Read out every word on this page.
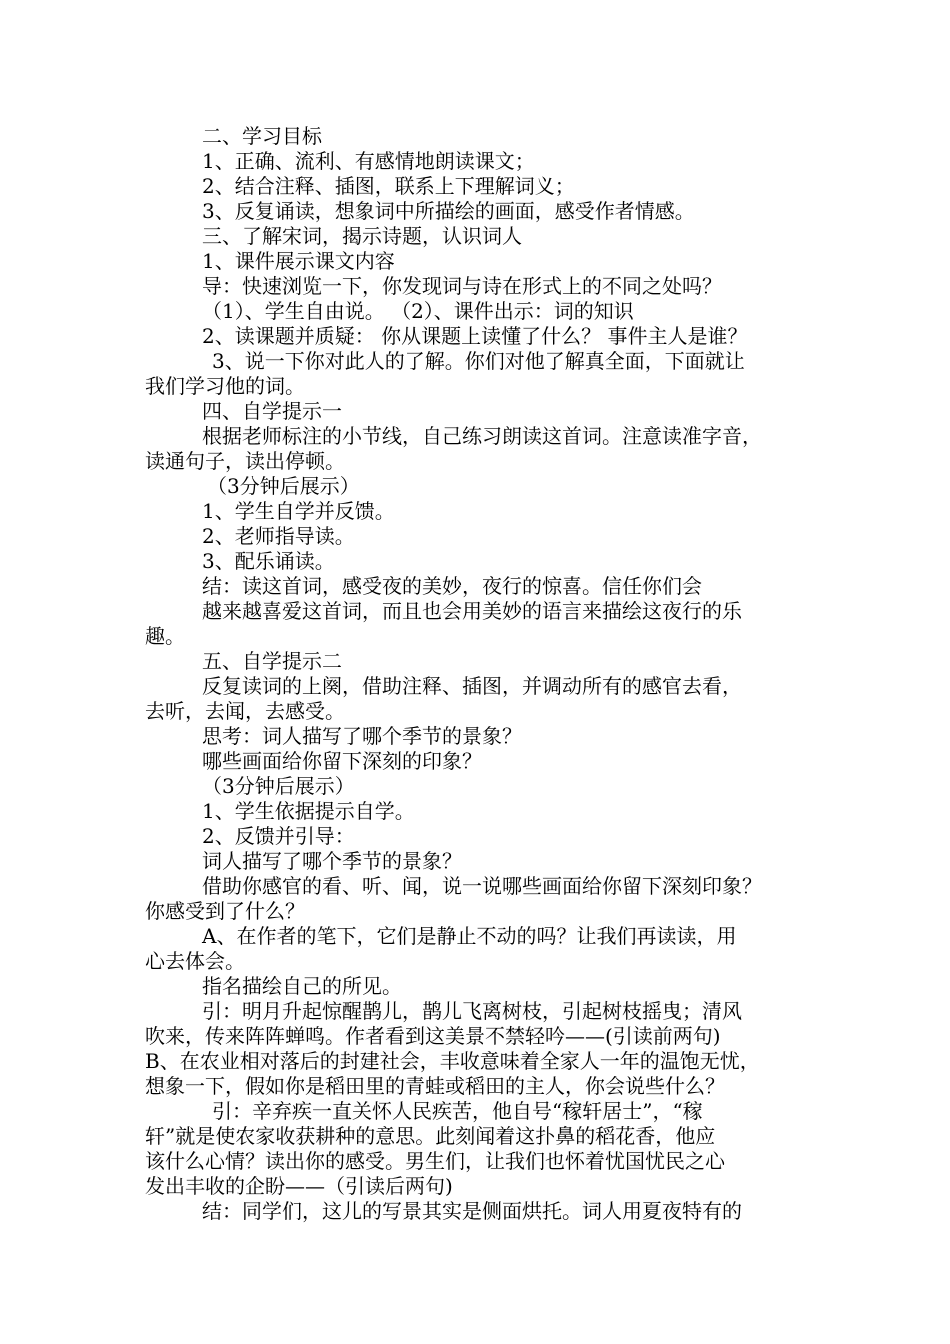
二、学习目标
1、正确、流利、有感情地朗读课文；
2、结合注释、插图，联系上下理解词义；
3、反复诵读，想象词中所描绘的画面，感受作者情感。
三、了解宋词，揭示诗题，认识词人
1、课件展示课文内容
导：快速浏览一下，你发现词与诗在形式上的不同之处吗？
（1）、学生自由说。 （2）、课件出示：词的知识
2、读课题并质疑： 你从课题上读懂了什么？ 事件主人是谁？
3、说一下你对此人的了解。你们对他了解真全面，下面就让
我们学习他的词。
四、自学提示一
根据老师标注的小节线，自己练习朗读这首词。注意读准字音，
读通句子，读出停顿。
（3分钟后展示）
1、学生自学并反馈。
2、老师指导读。
3、配乐诵读。
结：读这首词，感受夜的美妙，夜行的惊喜。信任你们会
越来越喜爱这首词，而且也会用美妙的语言来描绘这夜行的乐
趣。
五、自学提示二
反复读词的上阕，借助注释、插图，并调动所有的感官去看，
去听，去闻，去感受。
思考：词人描写了哪个季节的景象？
哪些画面给你留下深刻的印象？
（3分钟后展示）
1、学生依据提示自学。
2、反馈并引导：
词人描写了哪个季节的景象？
借助你感官的看、听、闻，说一说哪些画面给你留下深刻印象？
你感受到了什么？
A、在作者的笔下，它们是静止不动的吗？让我们再读读，用
心去体会。
指名描绘自己的所见。
引：明月升起惊醒鹊儿，鹊儿飞离树枝，引起树枝摇曳；清风
吹来，传来阵阵蝉鸣。作者看到这美景不禁轻吟——(引读前两句)
B、在农业相对落后的封建社会，丰收意味着全家人一年的温饱无忧，
想象一下，假如你是稻田里的青蛙或稻田的主人，你会说些什么？
引：辛弃疾一直关怀人民疾苦，他自号“稼轩居士”，“稼
轩”就是使农家收获耕种的意思。此刻闻着这扑鼻的稻花香，他应
该什么心情？读出你的感受。男生们，让我们也怀着忧国忧民之心
发出丰收的企盼——（引读后两句)
结：同学们，这儿的写景其实是侧面烘托。词人用夏夜特有的
